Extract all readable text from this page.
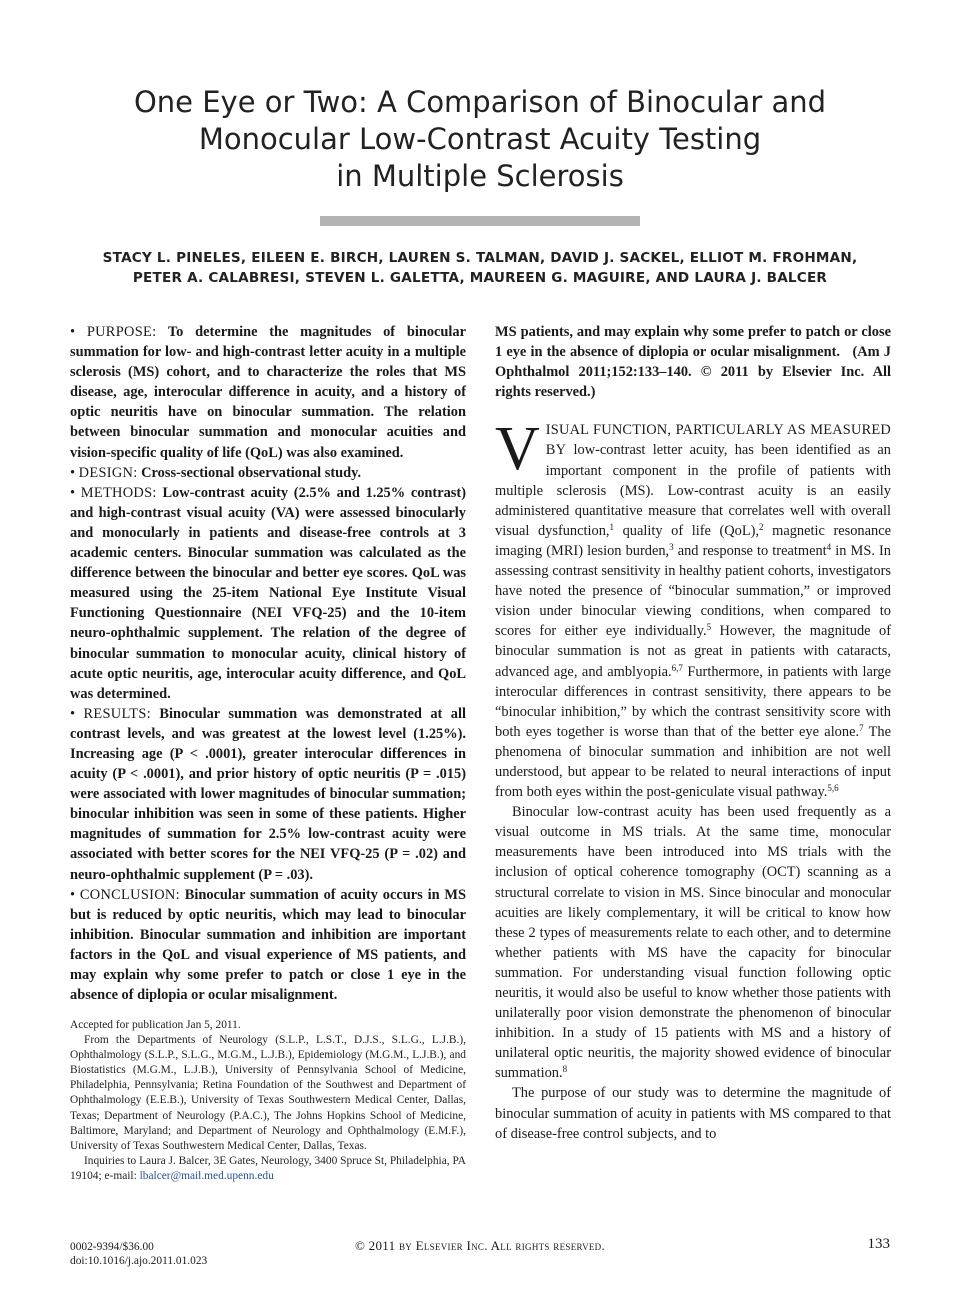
One Eye or Two: A Comparison of Binocular and
Monocular Low-Contrast Acuity Testing
in Multiple Sclerosis
STACY L. PINELES, EILEEN E. BIRCH, LAUREN S. TALMAN, DAVID J. SACKEL, ELLIOT M. FROHMAN,
PETER A. CALABRESI, STEVEN L. GALETTA, MAUREEN G. MAGUIRE, AND LAURA J. BALCER

• PURPOSE: To determine the magnitudes of binocular summation for low- and high-contrast letter acuity in a multiple sclerosis (MS) cohort, and to characterize the roles that MS disease, age, interocular difference in acuity, and a history of optic neuritis have on binocular summation. The relation between binocular summation and monocular acuities and vision-specific quality of life (QoL) was also examined.

• DESIGN: Cross-sectional observational study.

• METHODS: Low-contrast acuity (2.5% and 1.25% contrast) and high-contrast visual acuity (VA) were assessed binocularly and monocularly in patients and disease-free controls at 3 academic centers. Binocular summation was calculated as the difference between the binocular and better eye scores. QoL was measured using the 25-item National Eye Institute Visual Functioning Questionnaire (NEI VFQ-25) and the 10-item neuro-ophthalmic supplement. The relation of the degree of binocular summation to monocular acuity, clinical history of acute optic neuritis, age, interocular acuity difference, and QoL was determined.

• RESULTS: Binocular summation was demonstrated at all contrast levels, and was greatest at the lowest level (1.25%). Increasing age (P < .0001), greater interocular differences in acuity (P < .0001), and prior history of optic neuritis (P = .015) were associated with lower magnitudes of binocular summation; binocular inhibition was seen in some of these patients. Higher magnitudes of summation for 2.5% low-contrast acuity were associated with better scores for the NEI VFQ-25 (P = .02) and neuro-ophthalmic supplement (P = .03).

• CONCLUSION: Binocular summation of acuity occurs in MS but is reduced by optic neuritis, which may lead to binocular inhibition. Binocular summation and inhibition are important factors in the QoL and visual experience of MS patients, and may explain why some prefer to patch or close 1 eye in the absence of diplopia or ocular misalignment.

Accepted for publication Jan 5, 2011.

From the Departments of Neurology (S.L.P., L.S.T., D.J.S., S.L.G., L.J.B.), Ophthalmology (S.L.P., S.L.G., M.G.M., L.J.B.), Epidemiology (M.G.M., L.J.B.), and Biostatistics (M.G.M., L.J.B.), University of Pennsylvania School of Medicine, Philadelphia, Pennsylvania; Retina Foundation of the Southwest and Department of Ophthalmology (E.E.B.), University of Texas Southwestern Medical Center, Dallas, Texas; Department of Neurology (P.A.C.), The Johns Hopkins School of Medicine, Baltimore, Maryland; and Department of Neurology and Ophthalmology (E.M.F.), University of Texas Southwestern Medical Center, Dallas, Texas.

Inquiries to Laura J. Balcer, 3E Gates, Neurology, 3400 Spruce St, Philadelphia, PA 19104; e-mail: lbalcer@mail.med.upenn.edu

MS patients, and may explain why some prefer to patch or close 1 eye in the absence of diplopia or ocular misalignment. (Am J Ophthalmol 2011;152:133–140. © 2011 by Elsevier Inc. All rights reserved.)

VISUAL FUNCTION, PARTICULARLY AS MEASURED BY low-contrast letter acuity, has been identified as an important component in the profile of patients with multiple sclerosis (MS). Low-contrast acuity is an easily administered quantitative measure that correlates well with overall visual dysfunction,$^1$ quality of life (QoL),$^2$ magnetic resonance imaging (MRI) lesion burden,$^3$ and response to treatment$^4$ in MS. In assessing contrast sensitivity in healthy patient cohorts, investigators have noted the presence of “binocular summation,” or improved vision under binocular viewing conditions, when compared to scores for either eye individually.$^5$ However, the magnitude of binocular summation is not as great in patients with cataracts, advanced age, and amblyopia.$^{6,7}$ Furthermore, in patients with large interocular differences in contrast sensitivity, there appears to be “binocular inhibition,” by which the contrast sensitivity score with both eyes together is worse than that of the better eye alone.$^7$ The phenomena of binocular summation and inhibition are not well understood, but appear to be related to neural interactions of input from both eyes within the post-geniculate visual pathway.$^{5,6}$

Binocular low-contrast acuity has been used frequently as a visual outcome in MS trials. At the same time, monocular measurements have been introduced into MS trials with the inclusion of optical coherence tomography (OCT) scanning as a structural correlate to vision in MS. Since binocular and monocular acuities are likely complementary, it will be critical to know how these 2 types of measurements relate to each other, and to determine whether patients with MS have the capacity for binocular summation. For understanding visual function following optic neuritis, it would also be useful to know whether those patients with unilaterally poor vision demonstrate the phenomenon of binocular inhibition. In a study of 15 patients with MS and a history of unilateral optic neuritis, the majority showed evidence of binocular summation.$^8$

The purpose of our study was to determine the magnitude of binocular summation of acuity in patients with MS compared to that of disease-free control subjects, and to

0002-9394/$36.00
doi:10.1016/j.ajo.2011.01.023
© 2011 by Elsevier Inc. All rights reserved.	133
